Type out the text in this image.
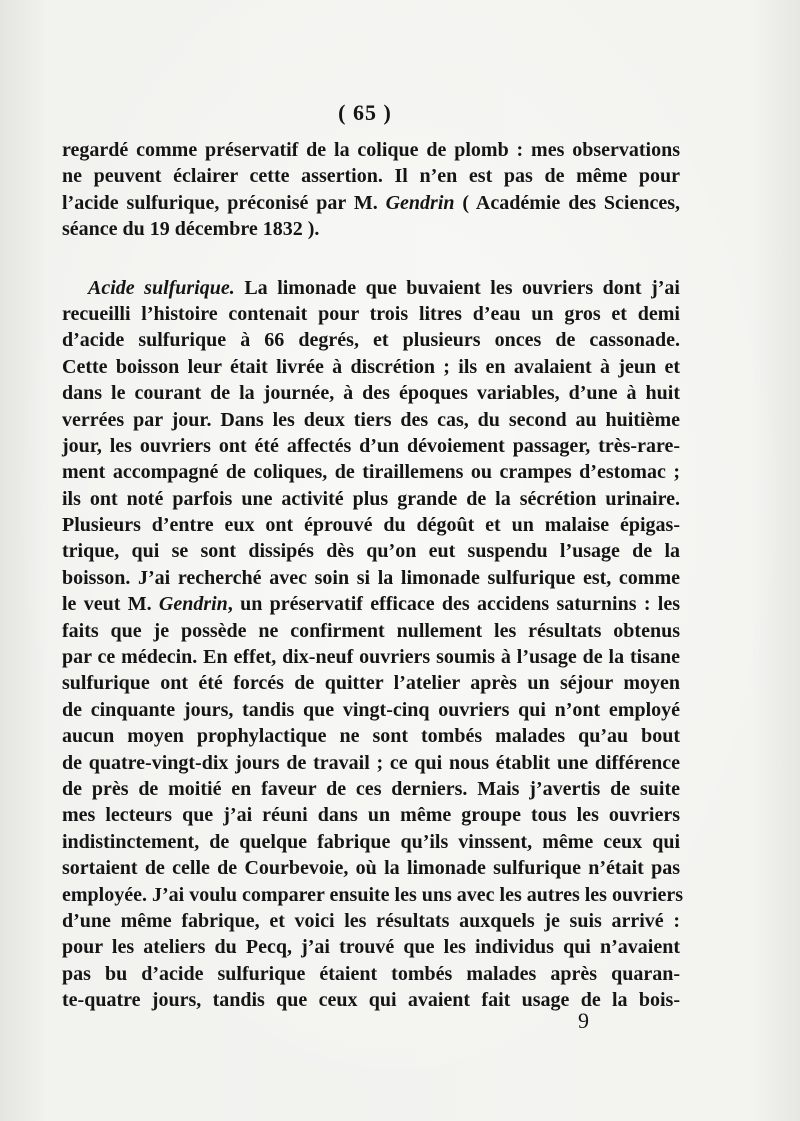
( 65 )
regardé comme préservatif de la colique de plomb : mes observations
ne peuvent éclairer cette assertion. Il n’en est pas de même pour
l’acide sulfurique, préconisé par M. Gendrin ( Académie des Sciences,
séance du 19 décembre 1832 ).
Acide sulfurique. La limonade que buvaient les ouvriers dont j’ai
recueilli l’histoire contenait pour trois litres d’eau un gros et demi
d’acide sulfurique à 66 degrés, et plusieurs onces de cassonade.
Cette boisson leur était livrée à discrétion ; ils en avalaient à jeun et
dans le courant de la journée, à des époques variables, d’une à huit
verrées par jour. Dans les deux tiers des cas, du second au huitième
jour, les ouvriers ont été affectés d’un dévoiement passager, très-rare-
ment accompagné de coliques, de tiraillemens ou crampes d’estomac ;
ils ont noté parfois une activité plus grande de la sécrétion urinaire.
Plusieurs d’entre eux ont éprouvé du dégoût et un malaise épigas-
trique, qui se sont dissipés dès qu’on eut suspendu l’usage de la
boisson. J’ai recherché avec soin si la limonade sulfurique est, comme
le veut M. Gendrin, un préservatif efficace des accidens saturnins : les
faits que je possède ne confirment nullement les résultats obtenus
par ce médecin. En effet, dix-neuf ouvriers soumis à l’usage de la tisane
sulfurique ont été forcés de quitter l’atelier après un séjour moyen
de cinquante jours, tandis que vingt-cinq ouvriers qui n’ont employé
aucun moyen prophylactique ne sont tombés malades qu’au bout
de quatre-vingt-dix jours de travail ; ce qui nous établit une différence
de près de moitié en faveur de ces derniers. Mais j’avertis de suite
mes lecteurs que j’ai réuni dans un même groupe tous les ouvriers
indistinctement, de quelque fabrique qu’ils vinssent, même ceux qui
sortaient de celle de Courbevoie, où la limonade sulfurique n’était pas
employée. J’ai voulu comparer ensuite les uns avec les autres les ouvriers
d’une même fabrique, et voici les résultats auxquels je suis arrivé :
pour les ateliers du Pecq, j’ai trouvé que les individus qui n’avaient
pas bu d’acide sulfurique étaient tombés malades après quaran-
te-quatre jours, tandis que ceux qui avaient fait usage de la bois-
9
